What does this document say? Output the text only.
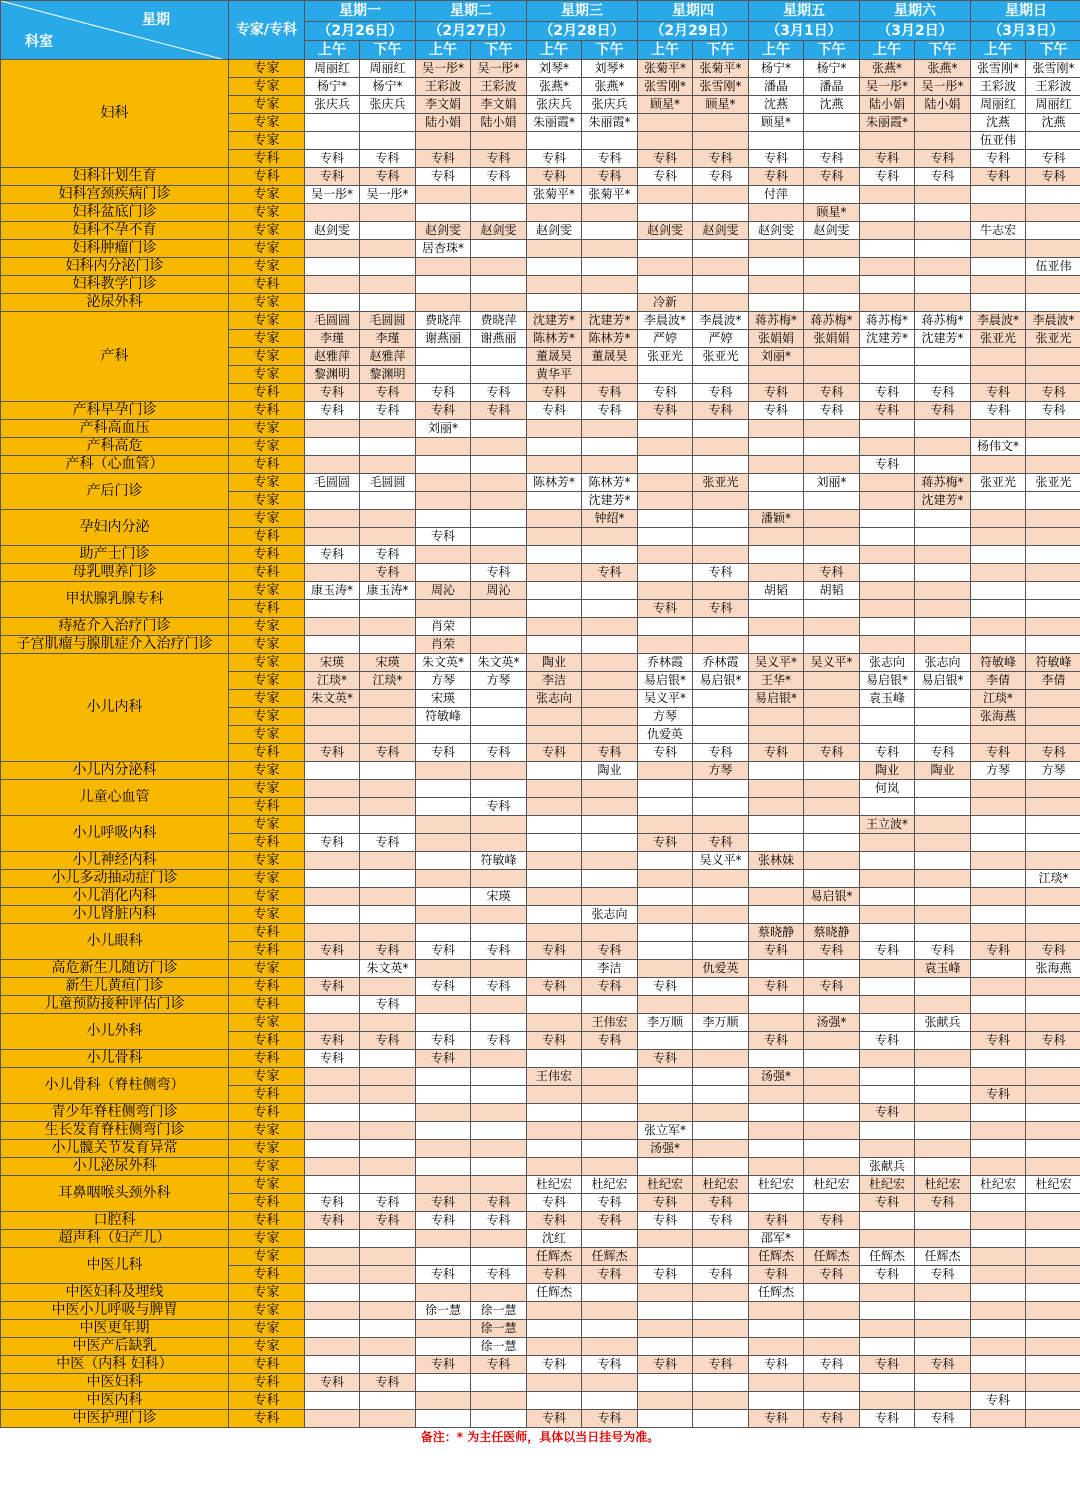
星期
科室	专家/专科	星期一		星期二		星期三		星期四		星期五		星期六		星期日	
		（2月26日）		（2月27日）		（2月28日）		（2月29日）		（3月1日）		（3月2日）		（3月3日）	
		上午	下午	上午	下午	上午	下午	上午	下午	上午	下午	上午	下午	上午	下午
妇科	专家	周丽红	周丽红	吴一彤*	吴一彤*	刘琴*	刘琴*	张菊平*	张菊平*	杨宁*	杨宁*	张燕*	张燕*	张雪刚*	张雪刚*
	专家	杨宁*	杨宁*	王彩波	王彩波	张燕*	张燕*	张雪刚*	张雪刚*	潘晶	潘晶	吴一彤*	吴一彤*	王彩波	王彩波
	专家	张庆兵	张庆兵	李文娟	李文娟	张庆兵	张庆兵	顾星*	顾星*	沈燕	沈燕	陆小娟	陆小娟	周丽红	周丽红
	专家			陆小娟	陆小娟	朱丽霞*	朱丽霞*			顾星*		朱丽霞*		沈燕	沈燕
	专家													伍亚伟	
	专科	专科	专科	专科	专科	专科	专科	专科	专科	专科	专科	专科	专科	专科	专科
妇科计划生育	专科	专科	专科	专科	专科	专科	专科	专科	专科	专科	专科	专科	专科	专科	专科
妇科宫颈疾病门诊	专家	吴一彤*	吴一彤*			张菊平*	张菊平*			付萍					
妇科盆底门诊	专家										顾星*				
妇科不孕不育	专家	赵剑雯		赵剑雯	赵剑雯	赵剑雯		赵剑雯	赵剑雯	赵剑雯	赵剑雯			牛志宏	
妇科肿瘤门诊	专家			居杏珠*											
妇科内分泌门诊	专家														伍亚伟
妇科教学门诊	专科														
泌尿外科	专家							冷新							
产科	专家	毛圆圆	毛圆圆	费晓萍	费晓萍	沈建芳*	沈建芳*	李晨波*	李晨波*	蒋苏梅*	蒋苏梅*	蒋苏梅*	蒋苏梅*	李晨波*	李晨波*
	专家	李瑾	李瑾	谢燕丽	谢燕丽	陈林芳*	陈林芳*	严婷	严婷	张娟娟	张娟娟	沈建芳*	沈建芳*	张亚光	张亚光
	专家	赵雅萍	赵雅萍			董晟昊	董晟昊	张亚光	张亚光	刘丽*					
	专家	黎渊明	黎渊明			黄华平									
	专科	专科	专科	专科	专科	专科	专科	专科	专科	专科	专科	专科	专科	专科	专科
产科早孕门诊	专科	专科	专科	专科	专科	专科	专科	专科	专科	专科	专科	专科	专科	专科	专科
产科高血压	专家			刘丽*											
产科高危	专家													杨伟文*	
产科（心血管）	专科											专科			
产后门诊	专家	毛圆圆	毛圆圆			陈林芳*	陈林芳*		张亚光		刘丽*		蒋苏梅*	张亚光	张亚光
	专家						沈建芳*						沈建芳*		
孕妇内分泌	专家						钟绍*			潘颖*					
	专科			专科											
助产士门诊	专科	专科	专科												
母乳喂养门诊	专科		专科		专科		专科		专科		专科				
甲状腺乳腺专科	专家	康玉涛*	康玉涛*	周沁	周沁					胡韬	胡韬				
	专科							专科	专科						
痔疮介入治疗门诊	专家			肖荣											
子宫肌瘤与腺肌症介入治疗门诊	专家			肖荣											
小儿内科	专家	宋瑛	宋瑛	朱文英*	朱文英*	陶业		乔林霞	乔林霞	吴义平*	吴义平*	张志向	张志向	符敏峰	符敏峰
	专家	江琰*	江琰*	方琴	方琴	李洁		易启银*	易启银*	王华*		易启银*	易启银*	李倩	李倩
	专家	朱文英*		宋瑛		张志向		吴义平*		易启银*		袁玉峰		江琰*	
	专家			符敏峰				方琴						张海燕	
	专家							仇爱英							
	专科	专科	专科	专科	专科	专科	专科	专科	专科	专科	专科	专科	专科	专科	专科
小儿内分泌科	专家						陶业		方琴			陶业	陶业	方琴	方琴
儿童心血管	专家											何岚			
	专科				专科										
小儿呼吸内科	专家											王立波*			
	专科	专科	专科					专科	专科						
小儿神经内科	专家				符敏峰				吴义平*	张林妹					
小儿多动抽动症门诊	专家														江琰*
小儿消化内科	专家				宋瑛						易启银*				
小儿肾脏内科	专家						张志向								
小儿眼科	专科									蔡晓静	蔡晓静				
	专科	专科	专科	专科	专科	专科	专科			专科	专科	专科	专科	专科	专科
高危新生儿随访门诊	专家		朱文英*				李洁		仇爱英				袁玉峰		张海燕
新生儿黄疸门诊	专科	专科		专科	专科	专科	专科	专科		专科	专科				
儿童预防接种评估门诊	专科		专科												
小儿外科	专家						王伟宏	李万顺	李万顺		汤强*		张献兵		
	专科	专科	专科	专科	专科	专科	专科			专科		专科		专科	专科
小儿骨科	专科	专科		专科				专科							
小儿骨科（脊柱侧弯）	专家					王伟宏				汤强*					
	专科													专科	
青少年脊柱侧弯门诊	专科											专科			
生长发育脊柱侧弯门诊	专家							张立军*							
小儿髋关节发育异常	专家							汤强*							
小儿泌尿外科	专家											张献兵			
耳鼻咽喉头颈外科	专家					杜纪宏	杜纪宏	杜纪宏	杜纪宏	杜纪宏	杜纪宏	杜纪宏	杜纪宏	杜纪宏	杜纪宏
	专科	专科	专科	专科	专科	专科	专科	专科	专科			专科	专科		
口腔科	专科	专科	专科	专科	专科	专科	专科	专科	专科	专科	专科				
超声科（妇产儿）	专家					沈红				邵军*					
中医儿科	专家					任辉杰	任辉杰			任辉杰	任辉杰	任辉杰	任辉杰		
	专科			专科	专科	专科	专科	专科	专科	专科	专科	专科	专科		
中医妇科及埋线	专家					任辉杰				任辉杰					
中医小儿呼吸与脾胃	专家			徐一慧	徐一慧										
中医更年期	专家				徐一慧										
中医产后缺乳	专家				徐一慧										
中医（内科 妇科）	专科			专科	专科	专科	专科	专科	专科	专科	专科	专科	专科		
中医妇科	专科	专科	专科												
中医内科	专科													专科	
中医护理门诊	专科					专科	专科			专科	专科	专科	专科		
备注：* 为主任医师，具体以当日挂号为准。
